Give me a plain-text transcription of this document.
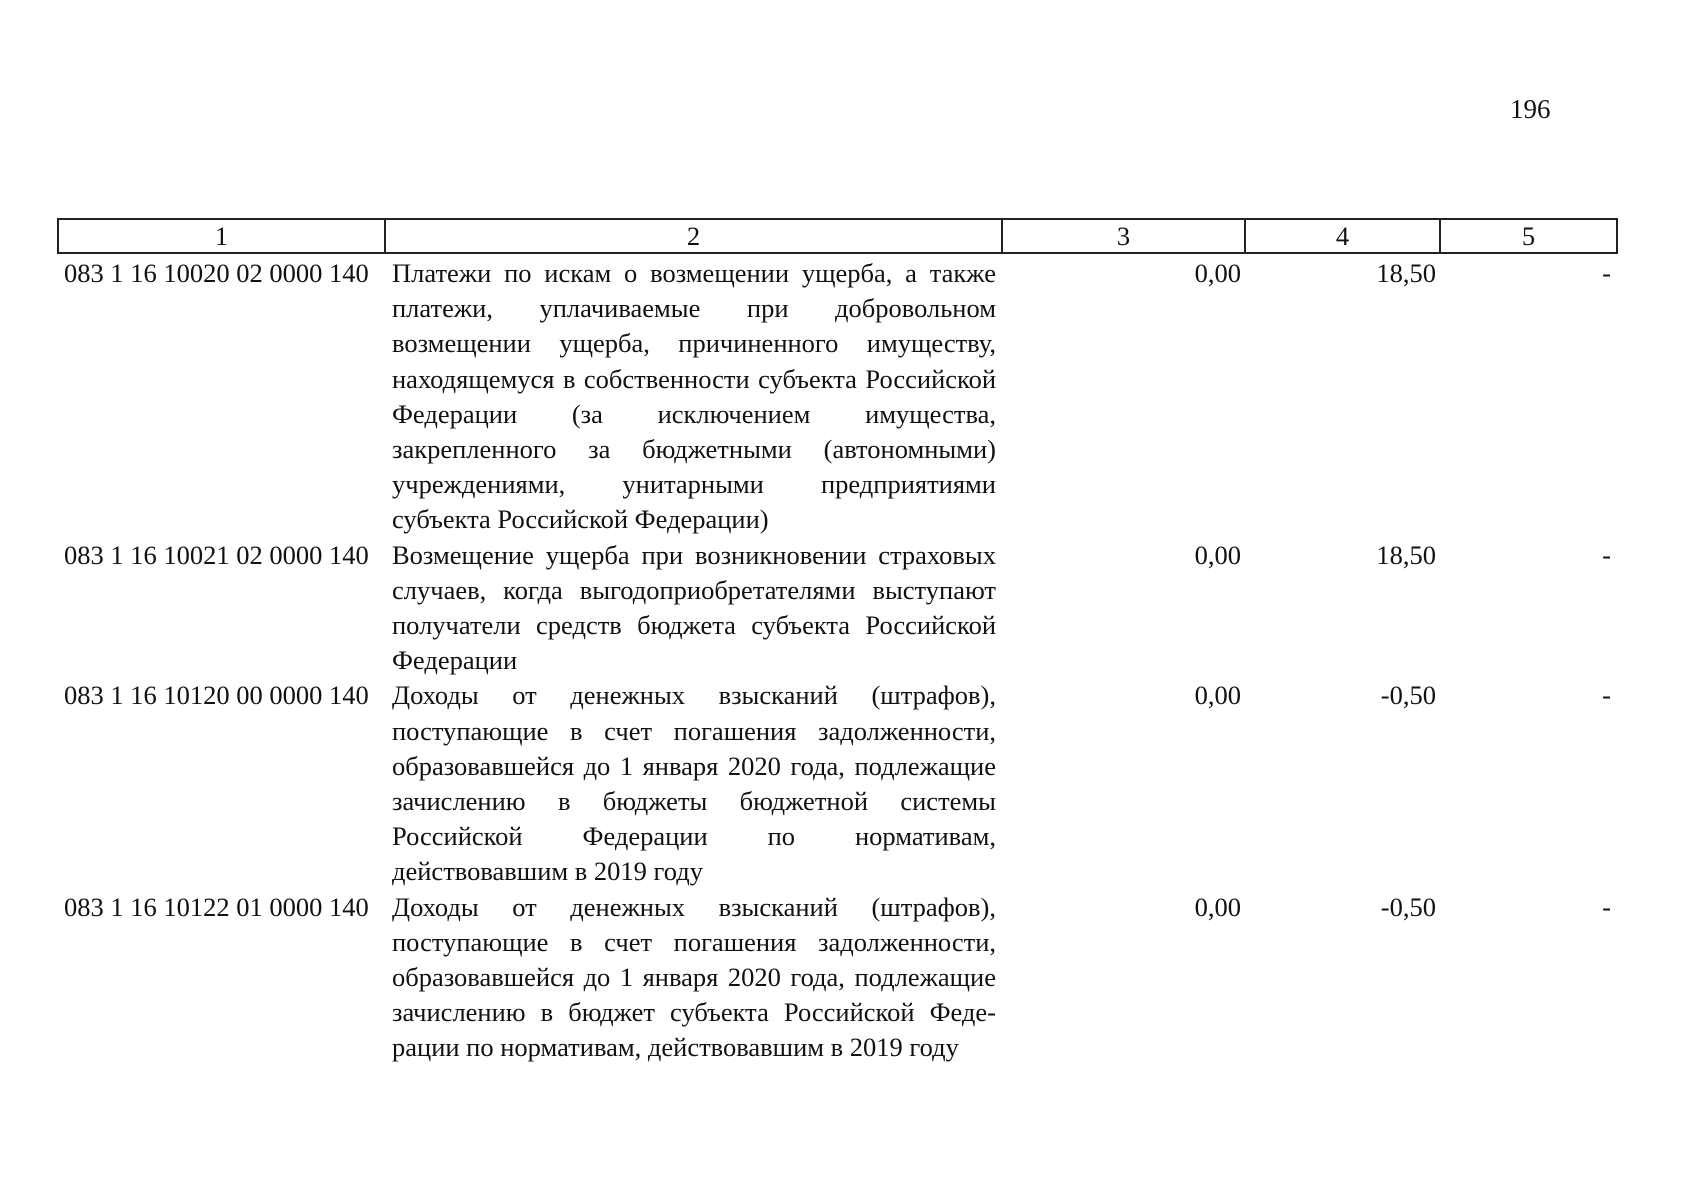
196
1	2	3	4	5
083 1 16 10020 02 0000 140	Платежи по искам о возмещении ущерба, а также платежи, уплачиваемые при добровольном возмещении ущерба, причиненного имуществу, находящемуся в собственности субъекта Российской Федерации (за исключением имущества, закрепленного за бюджетными (автономными) учреждениями, унитарными предприятиями субъекта Российской Федерации)	0,00	18,50	-
083 1 16 10021 02 0000 140	Возмещение ущерба при возникновении страховых случаев, когда выгодоприобретателями выступают получатели средств бюджета субъекта Российской Федерации	0,00	18,50	-
083 1 16 10120 00 0000 140	Доходы от денежных взысканий (штрафов), поступающие в счет погашения задолженности, образовавшейся до 1 января 2020 года, подлежащие зачислению в бюджеты бюджетной системы Российской Федерации по нормативам, действовавшим в 2019 году	0,00	-0,50	-
083 1 16 10122 01 0000 140	Доходы от денежных взысканий (штрафов), поступающие в счет погашения задолженности, образовавшейся до 1 января 2020 года, подлежащие зачислению в бюджет субъекта Российской Феде-рации по нормативам, действовавшим в 2019 году	0,00	-0,50	-
